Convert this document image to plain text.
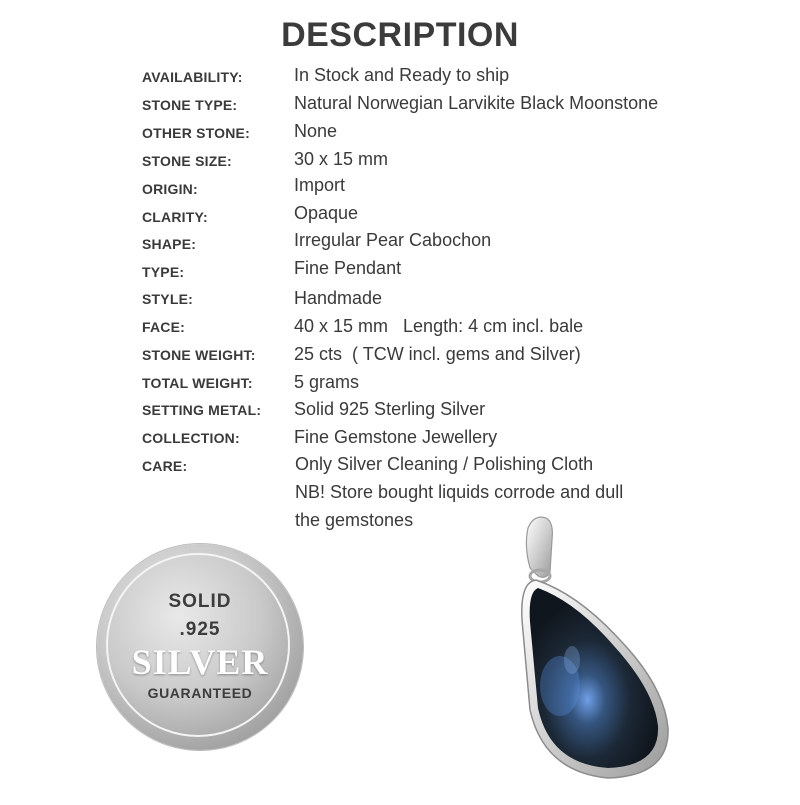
DESCRIPTION
AVAILABILITY:	In Stock and Ready to ship
STONE TYPE:	Natural Norwegian Larvikite Black Moonstone
OTHER STONE: None
STONE SIZE:	30 x 15 mm
ORIGIN:	Import
CLARITY:	Opaque
SHAPE:	Irregular Pear Cabochon
TYPE:	Fine Pendant
STYLE:	Handmade
FACE:	40 x 15 mm   Length: 4 cm incl. bale
STONE WEIGHT: 25 cts  ( TCW incl. gems and Silver)
TOTAL WEIGHT: 5 grams
SETTING METAL: Solid 925 Sterling Silver
COLLECTION:	Fine Gemstone Jewellery
CARE:	Only Silver Cleaning / Polishing Cloth
NB! Store bought liquids corrode and dull
the gemstones
SOLID
.925
SILVER
GUARANTEED
